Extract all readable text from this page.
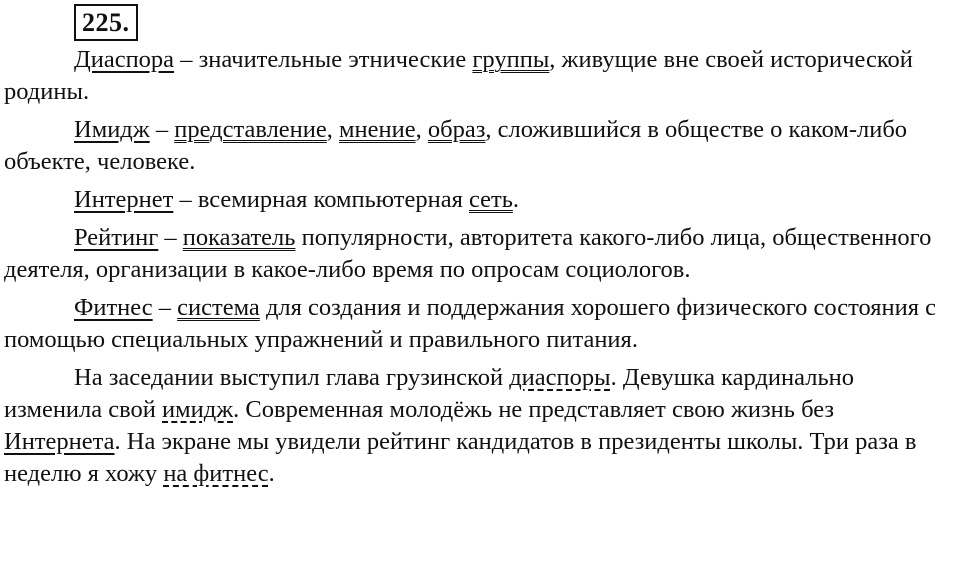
225.

Диаспора – значительные этнические группы, живущие вне своей исторической родины.

Имидж – представление, мнение, образ, сложившийся в обществе о каком-либо объекте, человеке.

Интернет – всемирная компьютерная сеть.

Рейтинг – показатель популярности, авторитета какого-либо лица, общественного деятеля, организации в какое-либо время по опросам социологов.

Фитнес – система для создания и поддержания хорошего физического состояния с помощью специальных упражнений и правильного питания.

На заседании выступил глава грузинской диаспоры. Девушка кардинально изменила свой имидж. Современная молодёжь не представляет свою жизнь без Интернета. На экране мы увидели рейтинг кандидатов в президенты школы. Три раза в неделю я хожу на фитнес.
